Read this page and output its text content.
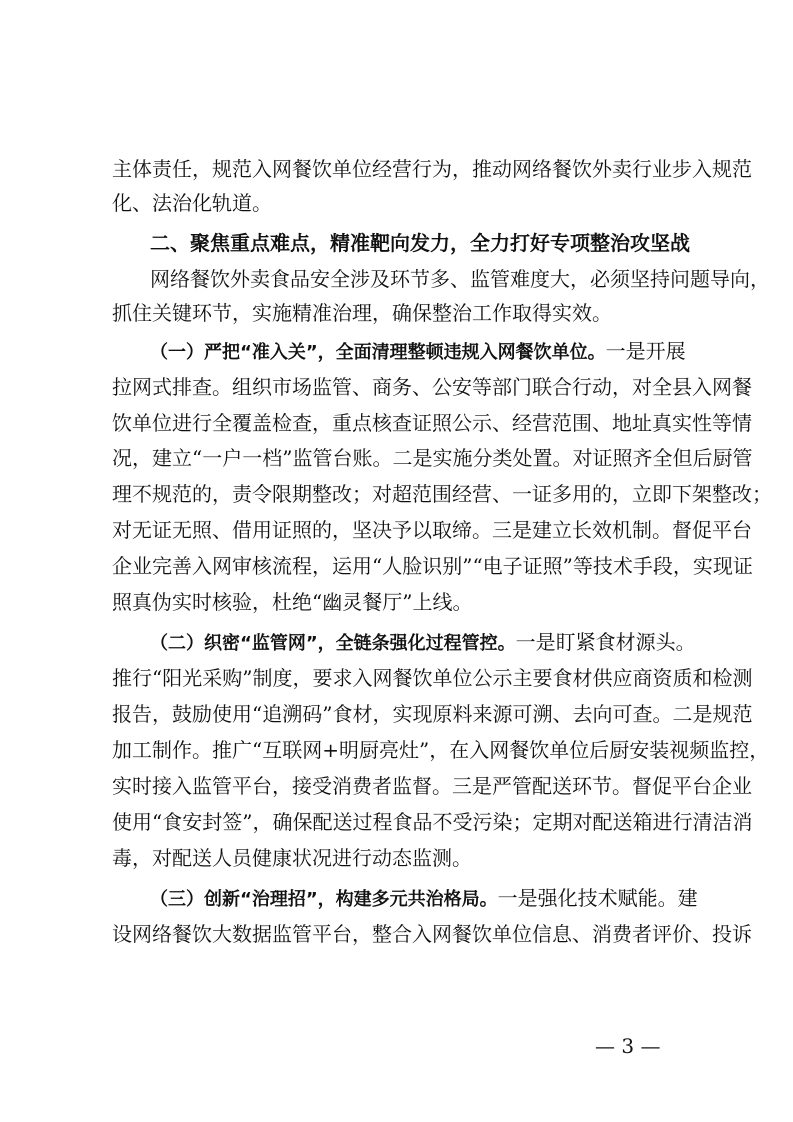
主体责任，规范入网餐饮单位经营行为，推动网络餐饮外卖行业步入规范
化、法治化轨道。
二、聚焦重点难点，精准靶向发力，全力打好专项整治攻坚战
网络餐饮外卖食品安全涉及环节多、监管难度大，必须坚持问题导向，
抓住关键环节，实施精准治理，确保整治工作取得实效。
（一）严把“准入关”，全面清理整顿违规入网餐饮单位。一是开展
拉网式排查。组织市场监管、商务、公安等部门联合行动，对全县入网餐
饮单位进行全覆盖检查，重点核查证照公示、经营范围、地址真实性等情
况，建立“一户一档”监管台账。二是实施分类处置。对证照齐全但后厨管
理不规范的，责令限期整改；对超范围经营、一证多用的，立即下架整改；
对无证无照、借用证照的，坚决予以取缔。三是建立长效机制。督促平台
企业完善入网审核流程，运用“人脸识别”“电子证照”等技术手段，实现证
照真伪实时核验，杜绝“幽灵餐厅”上线。
（二）织密“监管网”，全链条强化过程管控。一是盯紧食材源头。
推行“阳光采购”制度，要求入网餐饮单位公示主要食材供应商资质和检测
报告，鼓励使用“追溯码”食材，实现原料来源可溯、去向可查。二是规范
加工制作。推广“互联网+明厨亮灶”，在入网餐饮单位后厨安装视频监控，
实时接入监管平台，接受消费者监督。三是严管配送环节。督促平台企业
使用“食安封签”，确保配送过程食品不受污染；定期对配送箱进行清洁消
毒，对配送人员健康状况进行动态监测。
（三）创新“治理招”，构建多元共治格局。一是强化技术赋能。建
设网络餐饮大数据监管平台，整合入网餐饮单位信息、消费者评价、投诉
— 3 —
